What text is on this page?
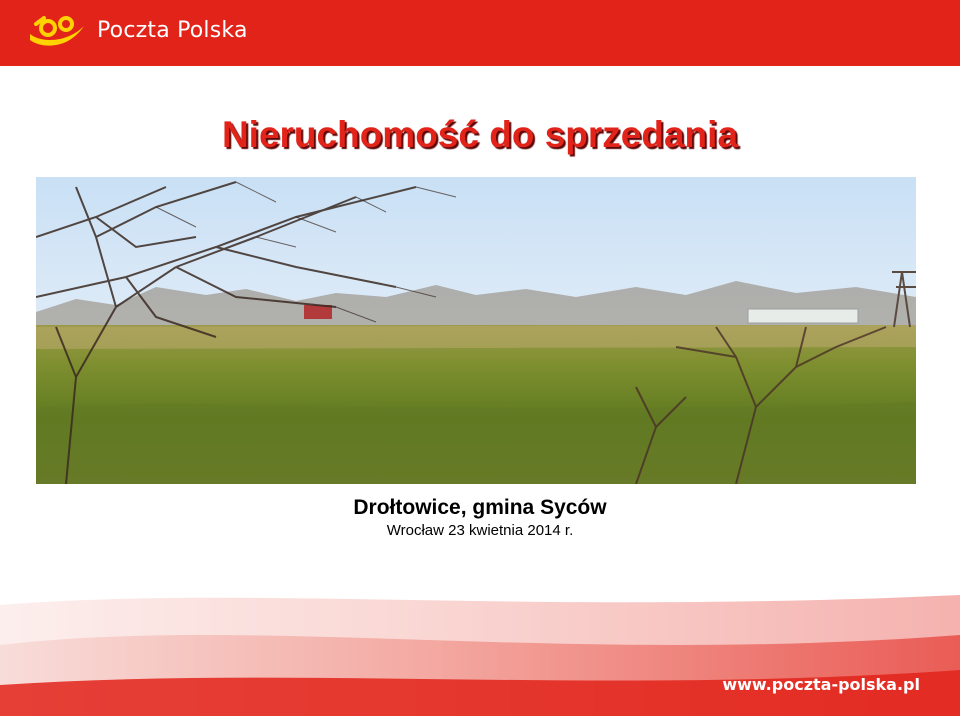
Poczta Polska
Nieruchomość do sprzedania
Drołtowice, gmina Syców
Wrocław 23 kwietnia 2014 r.
www.poczta-polska.pl
